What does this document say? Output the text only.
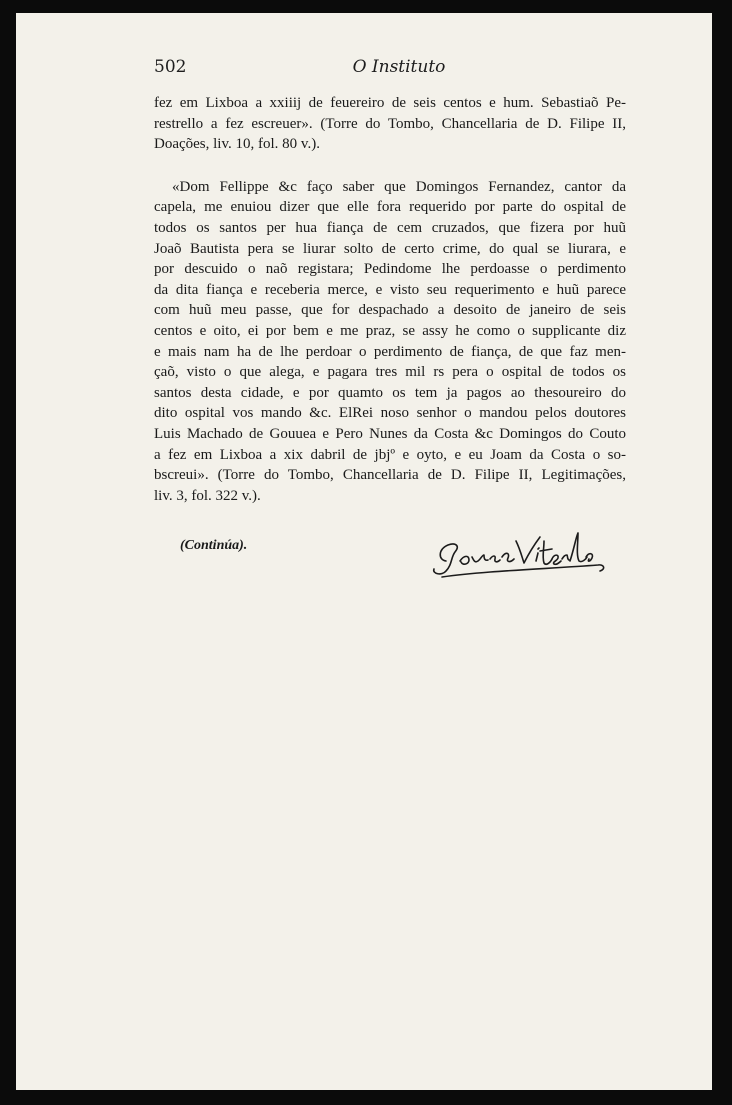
502	O Instituto
fez em Lixboa a xxiiij de feuereiro de seis centos e hum. Sebastiaõ Pe-
restrello a fez escreuer». (Torre do Tombo, Chancellaria de D. Filipe II,
Doações, liv. 10, fol. 80 v.).
«Dom Fellippe &c faço saber que Domingos Fernandez, cantor da
capela, me enuiou dizer que elle fora requerido por parte do ospital de
todos os santos per hua fiança de cem cruzados, que fizera por huũ
Joaõ Bautista pera se liurar solto de certo crime, do qual se liurara, e
por descuido o naõ registara; Pedindome lhe perdoasse o perdimento
da dita fiança e receberia merce, e visto seu requerimento e huũ parece
com huũ meu passe, que for despachado a desoito de janeiro de seis
centos e oito, ei por bem e me praz, se assy he como o supplicante diz
e mais nam ha de lhe perdoar o perdimento de fiança, de que faz men-
çaõ, visto o que alega, e pagara tres mil rs pera o ospital de todos os
santos desta cidade, e por quamto os tem ja pagos ao thesoureiro do
dito ospital vos mando &c. ElRei noso senhor o mandou pelos doutores
Luis Machado de Gouuea e Pero Nunes da Costa &c Domingos do Couto
a fez em Lixboa a xix dabril de jbjº e oyto, e eu Joam da Costa o so-
bscreui». (Torre do Tombo, Chancellaria de D. Filipe II, Legitimações,
liv. 3, fol. 322 v.).
(Continúa).
